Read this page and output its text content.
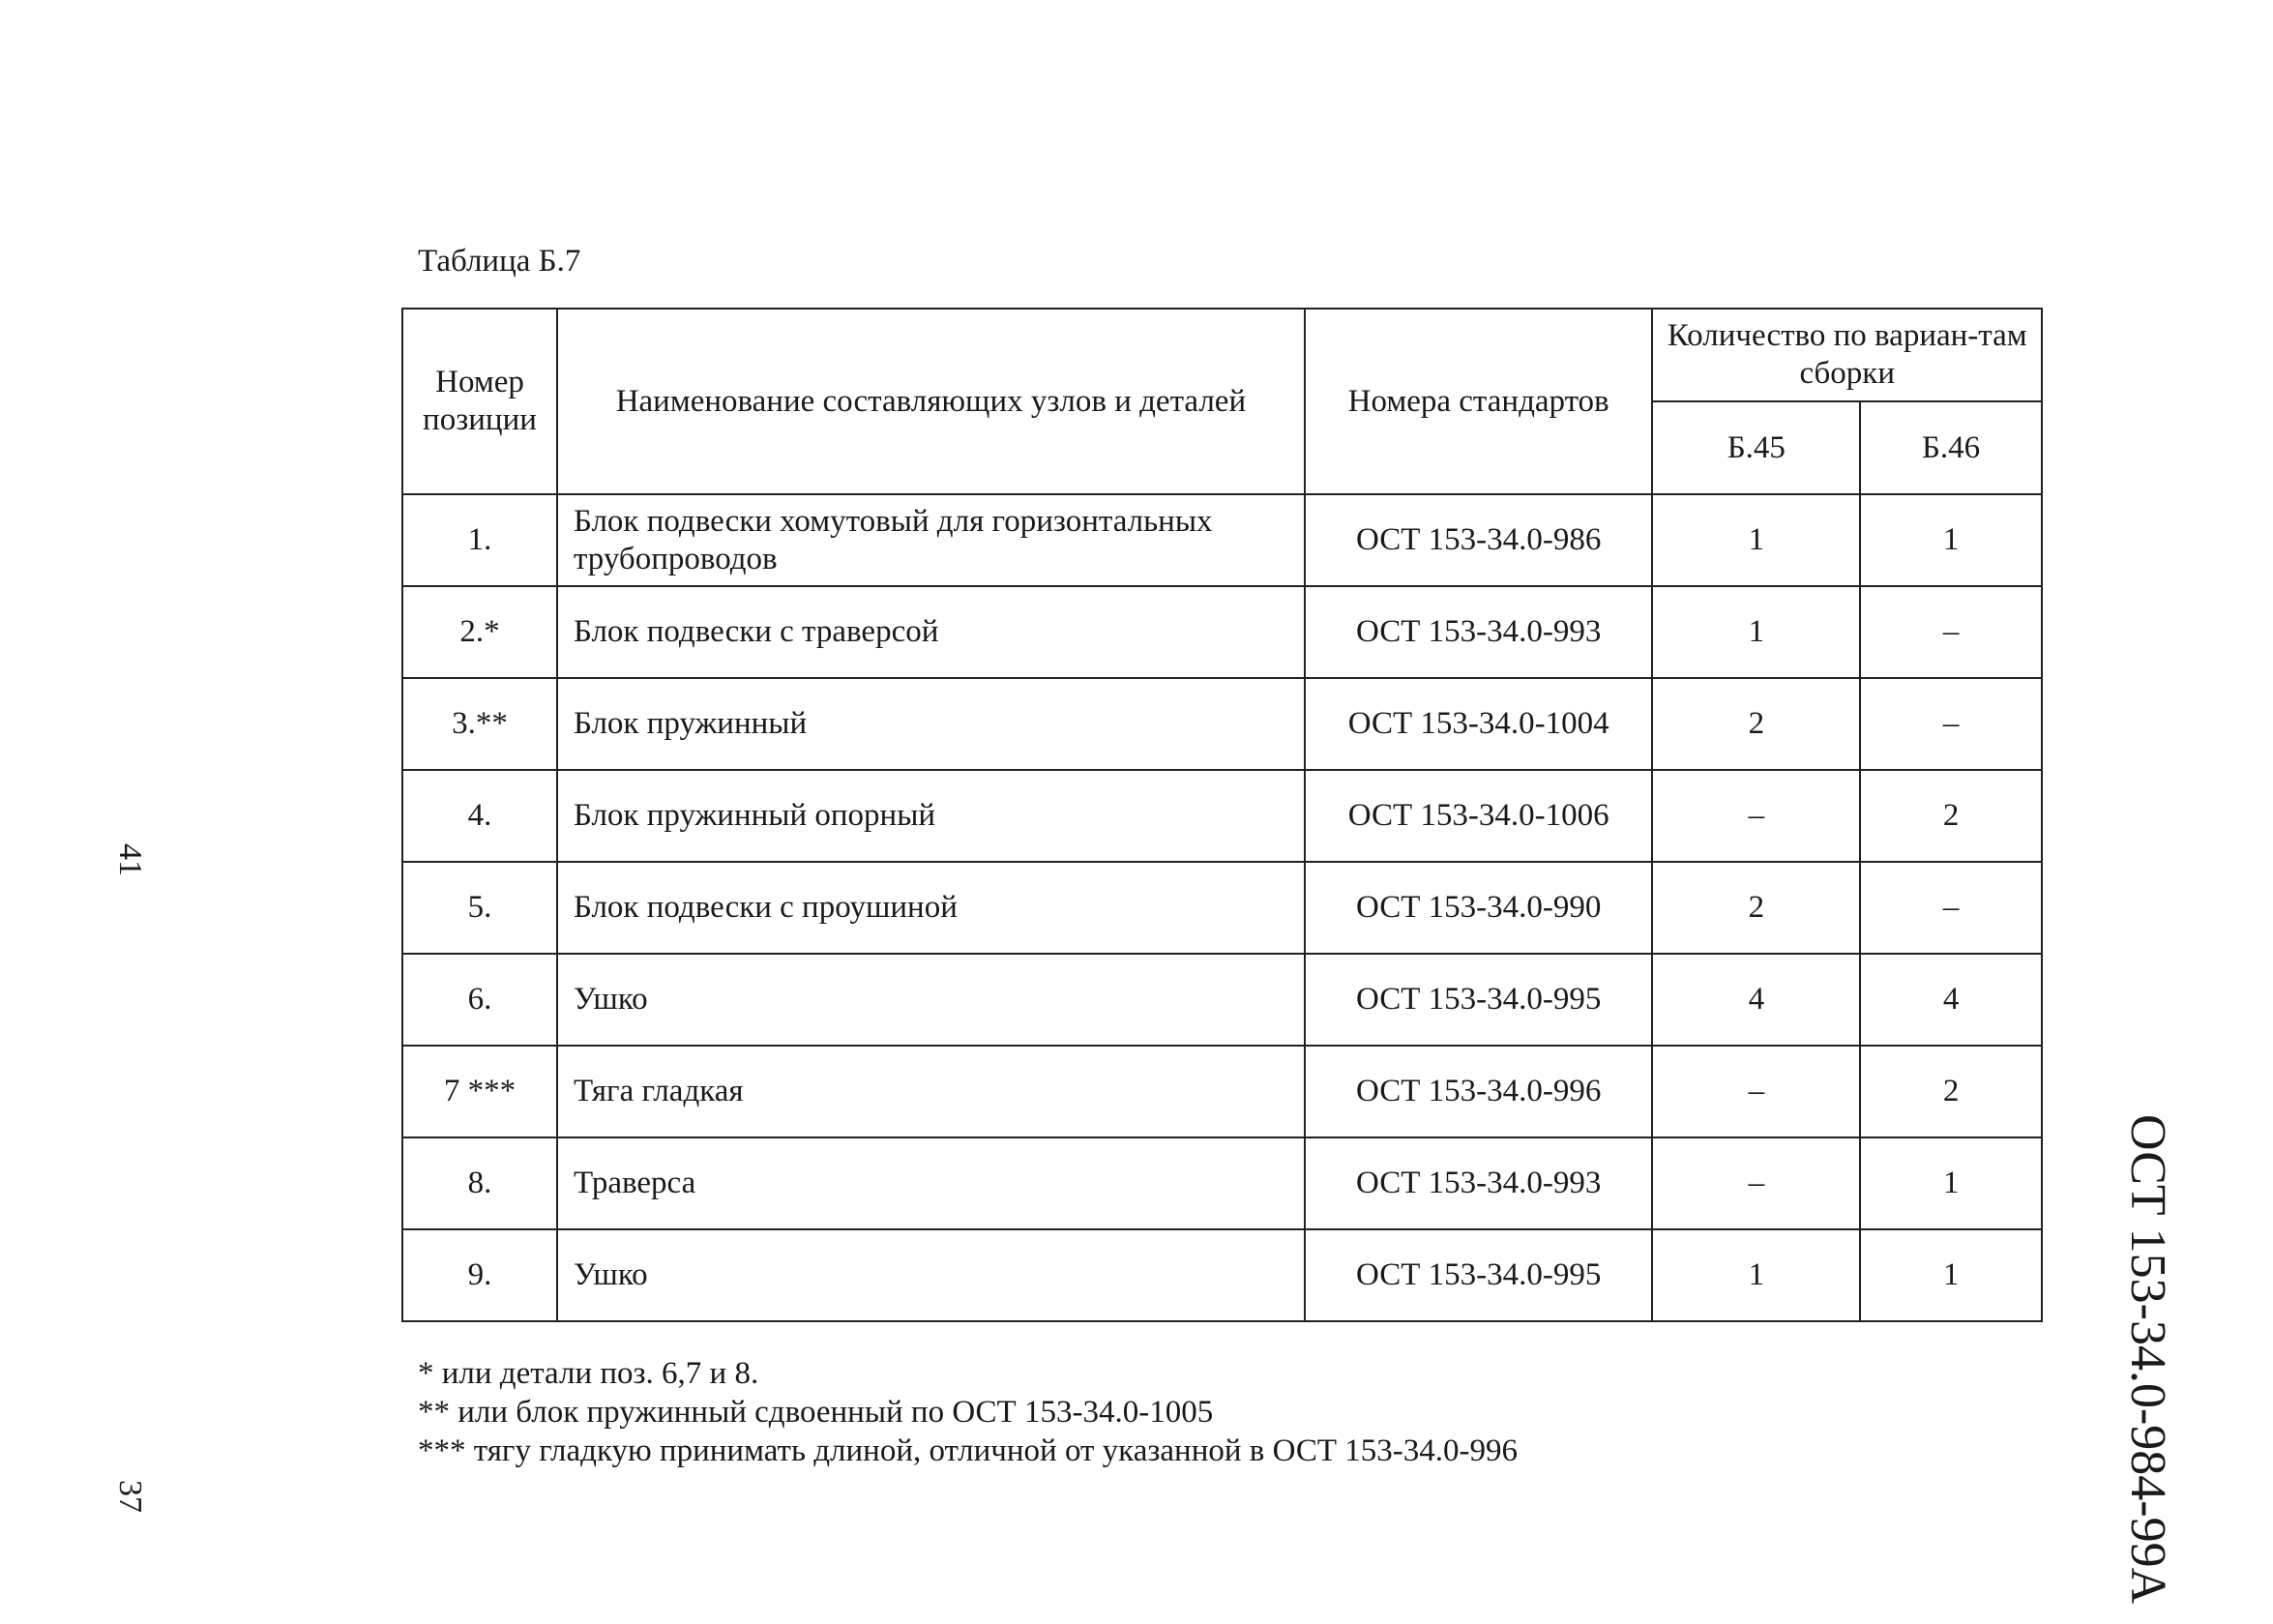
41
37	ОСТ 153-34.0-984-99А
Таблица Б.7
Номер позиции	Наименование составляющих узлов и деталей	Номера стандартов	Количество по вариан-там сборки	
			Б.45	Б.46
1.	Блок подвески хомутовый для горизонтальных трубопроводов	ОСТ 153-34.0-986	1	1
2.*	Блок подвески с траверсой	ОСТ 153-34.0-993	1	–
3.**	Блок пружинный	ОСТ 153-34.0-1004	2	–
4.	Блок пружинный опорный	ОСТ 153-34.0-1006	–	2
5.	Блок подвески с проушиной	ОСТ 153-34.0-990	2	–
6.	Ушко	ОСТ 153-34.0-995	4	4
7 ***	Тяга гладкая	ОСТ 153-34.0-996	–	2
8.	Траверса	ОСТ 153-34.0-993	–	1
9.	Ушко	ОСТ 153-34.0-995	1	1
* или детали поз. 6,7 и 8.
** или блок пружинный сдвоенный по ОСТ 153-34.0-1005
*** тягу гладкую принимать длиной, отличной от указанной в ОСТ 153-34.0-996
